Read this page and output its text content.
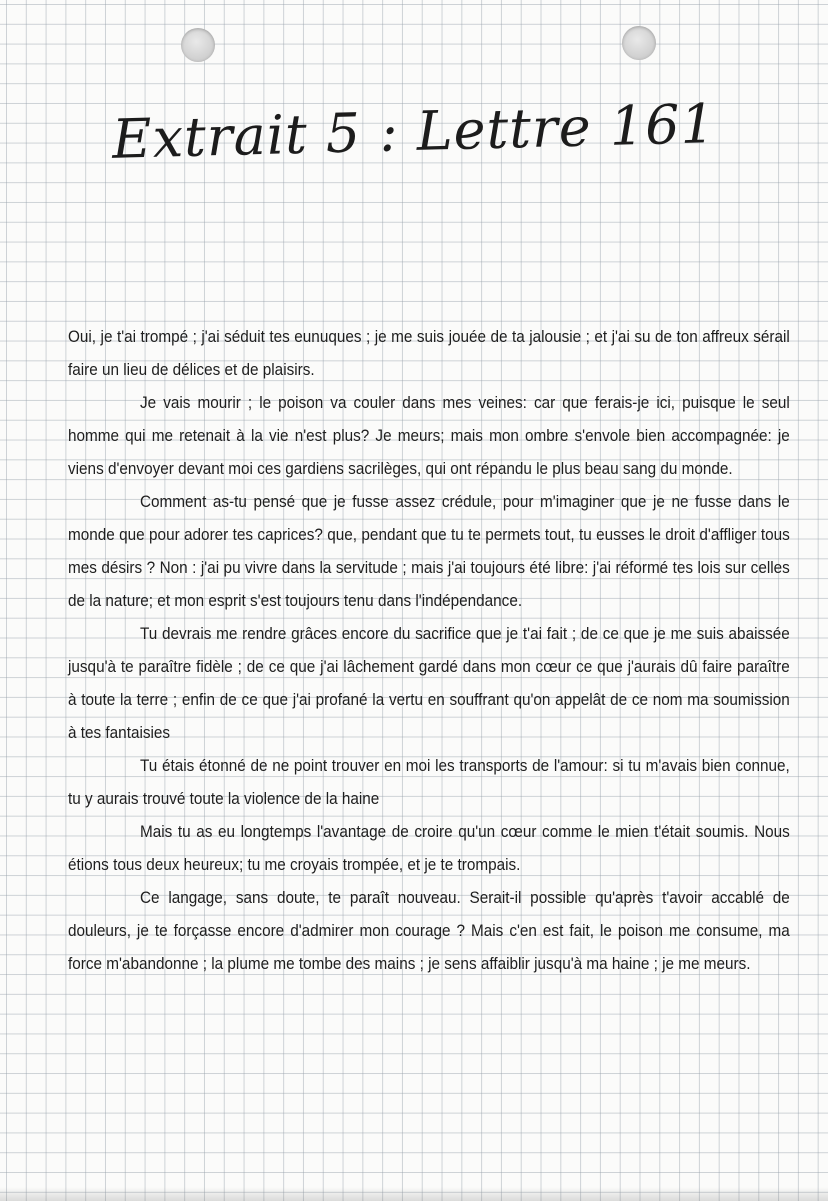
Extrait 5 : Lettre 161

Oui, je t'ai trompé ; j'ai séduit tes eunuques ; je me suis jouée de ta jalousie ; et j'ai su de ton affreux sérail faire un lieu de délices et de plaisirs.

Je vais mourir ; le poison va couler dans mes veines: car que ferais-je ici, puisque le seul homme qui me retenait à la vie n'est plus? Je meurs; mais mon ombre s'envole bien accompagnée: je viens d'envoyer devant moi ces gardiens sacrilèges, qui ont répandu le plus beau sang du monde.

Comment as-tu pensé que je fusse assez crédule, pour m'imaginer que je ne fusse dans le monde que pour adorer tes caprices? que, pendant que tu te permets tout, tu eusses le droit d'affliger tous mes désirs ? Non : j'ai pu vivre dans la servitude ; mais j'ai toujours été libre: j'ai réformé tes lois sur celles de la nature; et mon esprit s'est toujours tenu dans l'indépendance.

Tu devrais me rendre grâces encore du sacrifice que je t'ai fait ; de ce que je me suis abaissée jusqu'à te paraître fidèle ; de ce que j'ai lâchement gardé dans mon cœur ce que j'aurais dû faire paraître à toute la terre ; enfin de ce que j'ai profané la vertu en souffrant qu'on appelât de ce nom ma soumission à tes fantaisies

Tu étais étonné de ne point trouver en moi les transports de l'amour: si tu m'avais bien connue, tu y aurais trouvé toute la violence de la haine

Mais tu as eu longtemps l'avantage de croire qu'un cœur comme le mien t'était soumis. Nous étions tous deux heureux; tu me croyais trompée, et je te trompais.

Ce langage, sans doute, te paraît nouveau. Serait-il possible qu'après t'avoir accablé de douleurs, je te forçasse encore d'admirer mon courage ? Mais c'en est fait, le poison me consume, ma force m'abandonne ; la plume me tombe des mains ; je sens affaiblir jusqu'à ma haine ; je me meurs.
